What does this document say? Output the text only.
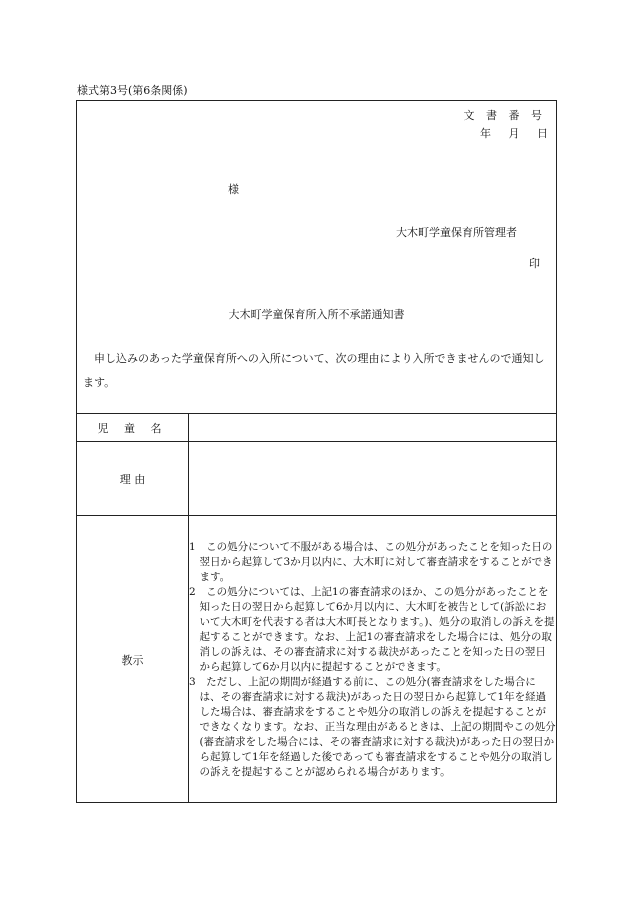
様式第3号(第6条関係)
文 書 番 号
年 月 日
様
大木町学童保育所管理者
印
大木町学童保育所入所不承諾通知書
申し込みのあった学童保育所への入所について、次の理由により入所できませんので通知します。
児 童 名	
理 由	
教示	1　この処分について不服がある場合は、この処分があったことを知った日の翌日から起算して3か月以内に、大木町に対して審査請求をすることができます。
2　この処分については、上記1の審査請求のほか、この処分があったことを知った日の翌日から起算して6か月以内に、大木町を被告として(訴訟において大木町を代表する者は大木町長となります。)、処分の取消しの訴えを提起することができます。なお、上記1の審査請求をした場合には、処分の取消しの訴えは、その審査請求に対する裁決があったことを知った日の翌日から起算して6か月以内に提起することができます。
3　ただし、上記の期間が経過する前に、この処分(審査請求をした場合には、その審査請求に対する裁決)があった日の翌日から起算して1年を経過した場合は、審査請求をすることや処分の取消しの訴えを提起することができなくなります。なお、正当な理由があるときは、上記の期間やこの処分(審査請求をした場合には、その審査請求に対する裁決)があった日の翌日から起算して1年を経過した後であっても審査請求をすることや処分の取消しの訴えを提起することが認められる場合があります。
